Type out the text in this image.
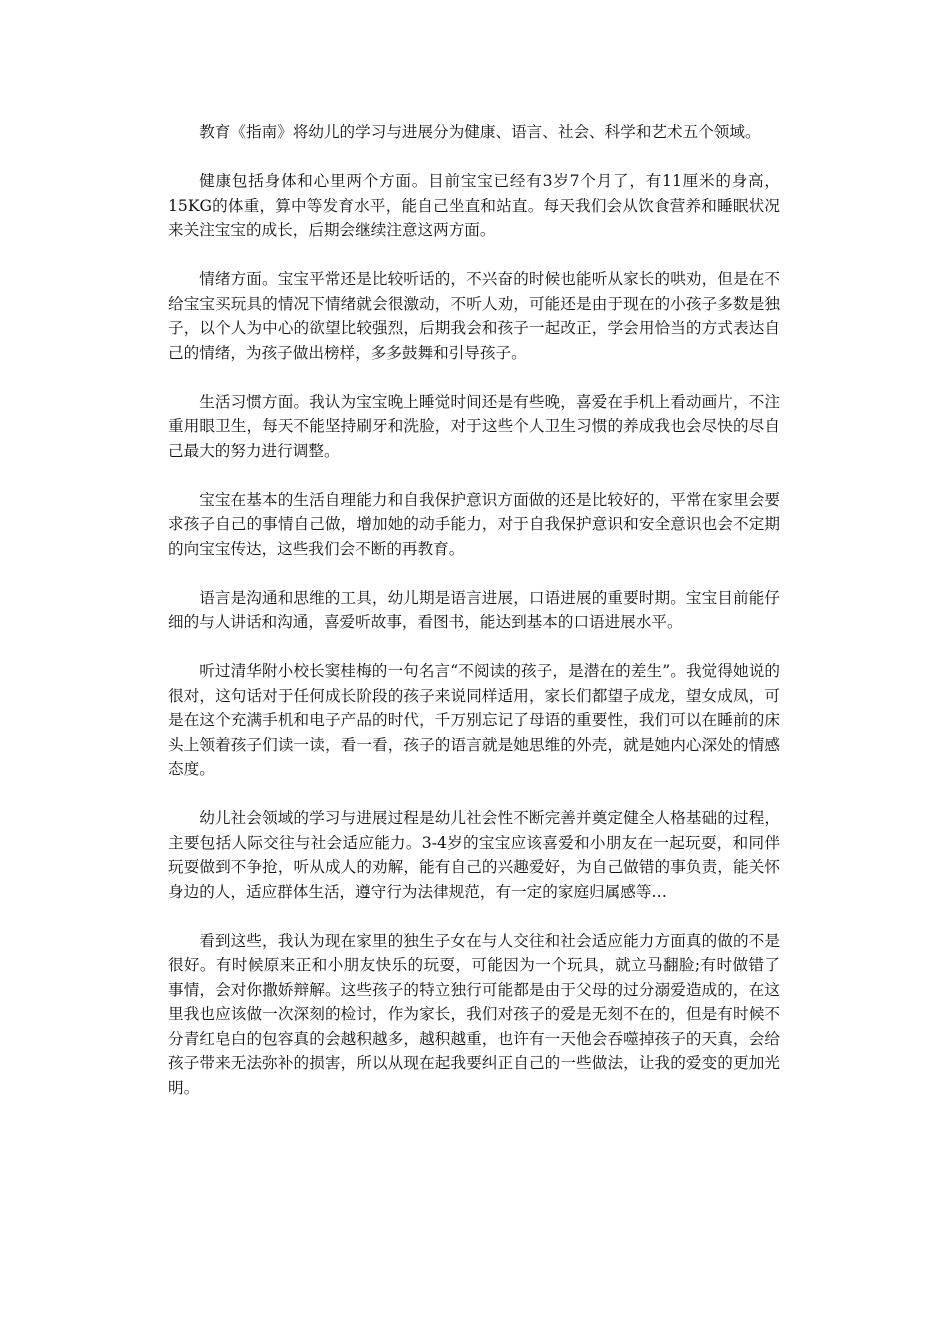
教育《指南》将幼儿的学习与进展分为健康、语言、社会、科学和艺术五个领域。

健康包括身体和心里两个方面。目前宝宝已经有3岁7个月了，有11厘米的身高，15KG的体重，算中等发育水平，能自己坐直和站直。每天我们会从饮食营养和睡眠状况来关注宝宝的成长，后期会继续注意这两方面。

情绪方面。宝宝平常还是比较听话的，不兴奋的时候也能听从家长的哄劝，但是在不给宝宝买玩具的情况下情绪就会很激动，不听人劝，可能还是由于现在的小孩子多数是独子，以个人为中心的欲望比较强烈，后期我会和孩子一起改正，学会用恰当的方式表达自己的情绪，为孩子做出榜样，多多鼓舞和引导孩子。

生活习惯方面。我认为宝宝晚上睡觉时间还是有些晚，喜爱在手机上看动画片，不注重用眼卫生，每天不能坚持刷牙和洗脸，对于这些个人卫生习惯的养成我也会尽快的尽自己最大的努力进行调整。

宝宝在基本的生活自理能力和自我保护意识方面做的还是比较好的，平常在家里会要求孩子自己的事情自己做，增加她的动手能力，对于自我保护意识和安全意识也会不定期的向宝宝传达，这些我们会不断的再教育。

语言是沟通和思维的工具，幼儿期是语言进展，口语进展的重要时期。宝宝目前能仔细的与人讲话和沟通，喜爱听故事，看图书，能达到基本的口语进展水平。

听过清华附小校长窦桂梅的一句名言“不阅读的孩子，是潜在的差生”。我觉得她说的很对，这句话对于任何成长阶段的孩子来说同样适用，家长们都望子成龙，望女成凤，可是在这个充满手机和电子产品的时代，千万别忘记了母语的重要性，我们可以在睡前的床头上领着孩子们读一读，看一看，孩子的语言就是她思维的外壳，就是她内心深处的情感态度。

幼儿社会领域的学习与进展过程是幼儿社会性不断完善并奠定健全人格基础的过程，主要包括人际交往与社会适应能力。3-4岁的宝宝应该喜爱和小朋友在一起玩耍，和同伴玩耍做到不争抢，听从成人的劝解，能有自己的兴趣爱好，为自己做错的事负责，能关怀身边的人，适应群体生活，遵守行为法律规范，有一定的家庭归属感等…

看到这些，我认为现在家里的独生子女在与人交往和社会适应能力方面真的做的不是很好。有时候原来正和小朋友快乐的玩耍，可能因为一个玩具，就立马翻脸;有时做错了事情，会对你撒娇辩解。这些孩子的特立独行可能都是由于父母的过分溺爱造成的，在这里我也应该做一次深刻的检讨，作为家长，我们对孩子的爱是无刻不在的，但是有时候不分青红皂白的包容真的会越积越多，越积越重，也许有一天他会吞噬掉孩子的天真，会给孩子带来无法弥补的损害，所以从现在起我要纠正自己的一些做法，让我的爱变的更加光明。
